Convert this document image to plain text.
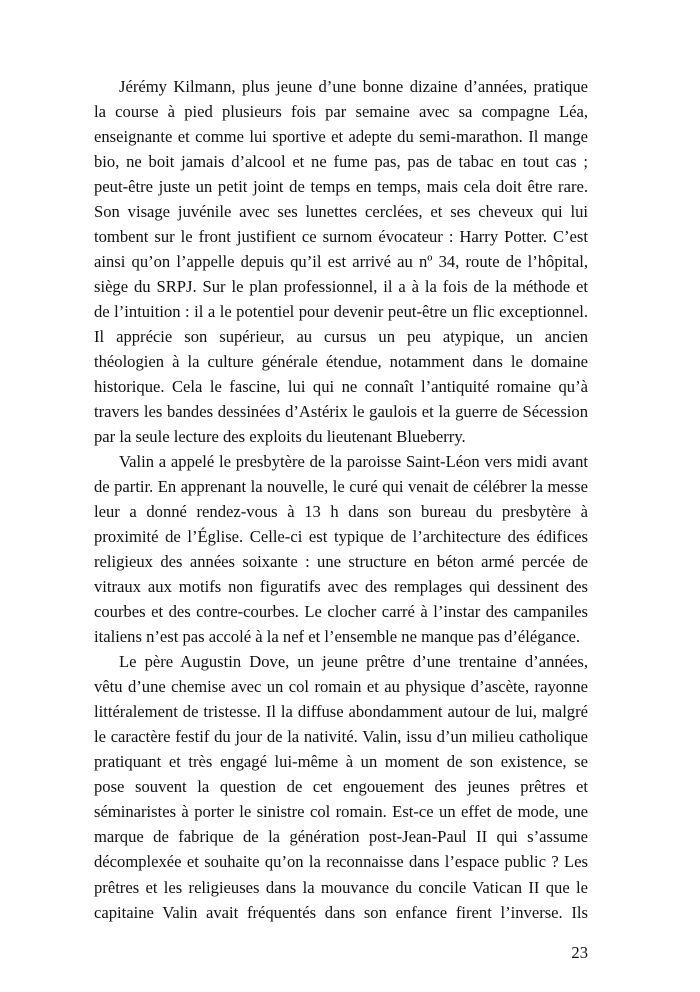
Jérémy Kilmann, plus jeune d’une bonne dizaine d’années, pratique
la course à pied plusieurs fois par semaine avec sa compagne Léa,
enseignante et comme lui sportive et adepte du semi-marathon. Il mange
bio, ne boit jamais d’alcool et ne fume pas, pas de tabac en tout cas ;
peut-être juste un petit joint de temps en temps, mais cela doit être rare.
Son visage juvénile avec ses lunettes cerclées, et ses cheveux qui lui
tombent sur le front justifient ce surnom évocateur : Harry Potter. C’est
ainsi qu’on l’appelle depuis qu’il est arrivé au nº 34, route de l’hôpital,
siège du SRPJ. Sur le plan professionnel, il a à la fois de la méthode et
de l’intuition : il a le potentiel pour devenir peut-être un flic exceptionnel.
Il apprécie son supérieur, au cursus un peu atypique, un ancien
théologien à la culture générale étendue, notamment dans le domaine
historique. Cela le fascine, lui qui ne connaît l’antiquité romaine qu’à
travers les bandes dessinées d’Astérix le gaulois et la guerre de Sécession
par la seule lecture des exploits du lieutenant Blueberry.
Valin a appelé le presbytère de la paroisse Saint-Léon vers midi avant
de partir. En apprenant la nouvelle, le curé qui venait de célébrer la messe
leur a donné rendez-vous à 13 h dans son bureau du presbytère à
proximité de l’Église. Celle-ci est typique de l’architecture des édifices
religieux des années soixante : une structure en béton armé percée de
vitraux aux motifs non figuratifs avec des remplages qui dessinent des
courbes et des contre-courbes. Le clocher carré à l’instar des campaniles
italiens n’est pas accolé à la nef et l’ensemble ne manque pas d’élégance.
Le père Augustin Dove, un jeune prêtre d’une trentaine d’années,
vêtu d’une chemise avec un col romain et au physique d’ascète, rayonne
littéralement de tristesse. Il la diffuse abondamment autour de lui, malgré
le caractère festif du jour de la nativité. Valin, issu d’un milieu catholique
pratiquant et très engagé lui-même à un moment de son existence, se
pose souvent la question de cet engouement des jeunes prêtres et
séminaristes à porter le sinistre col romain. Est-ce un effet de mode, une
marque de fabrique de la génération post-Jean-Paul II qui s’assume
décomplexée et souhaite qu’on la reconnaisse dans l’espace public ? Les
prêtres et les religieuses dans la mouvance du concile Vatican II que le
capitaine Valin avait fréquentés dans son enfance firent l’inverse. Ils
23
